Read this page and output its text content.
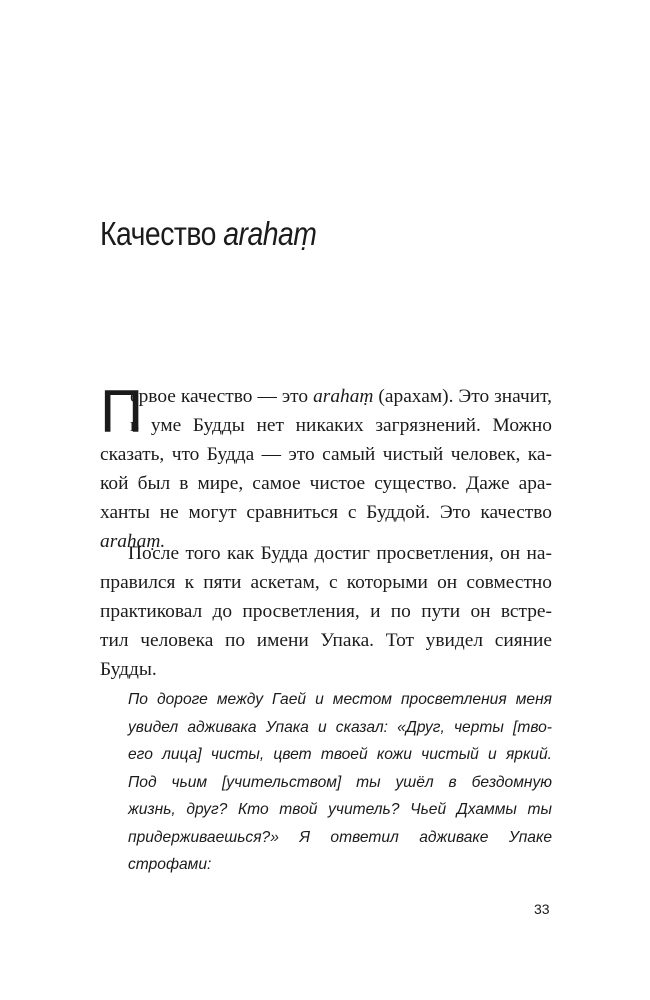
Качество arahaṃ
П
ервое качество — это arahaṃ (арахам). Это значит,
в уме Будды нет никаких загрязнений. Можно
сказать, что Будда — это самый чистый человек, ка-
кой был в мире, самое чистое существо. Даже ара-
ханты не могут сравниться с Буддой. Это качество
arahaṃ.
После того как Будда достиг просветления, он на-
правился к пяти аскетам, с которыми он совместно
практиковал до просветления, и по пути он встре-
тил человека по имени Упака. Тот увидел сияние
Будды.
По дороге между Гаей и местом просветления меня
увидел адживака Упака и сказал: «Друг, черты [тво-
его лица] чисты, цвет твоей кожи чистый и яркий.
Под чьим [учительством] ты ушёл в бездомную
жизнь, друг? Кто твой учитель? Чьей Дхаммы ты
придерживаешься?» Я ответил адживаке Упаке
строфами:
33
